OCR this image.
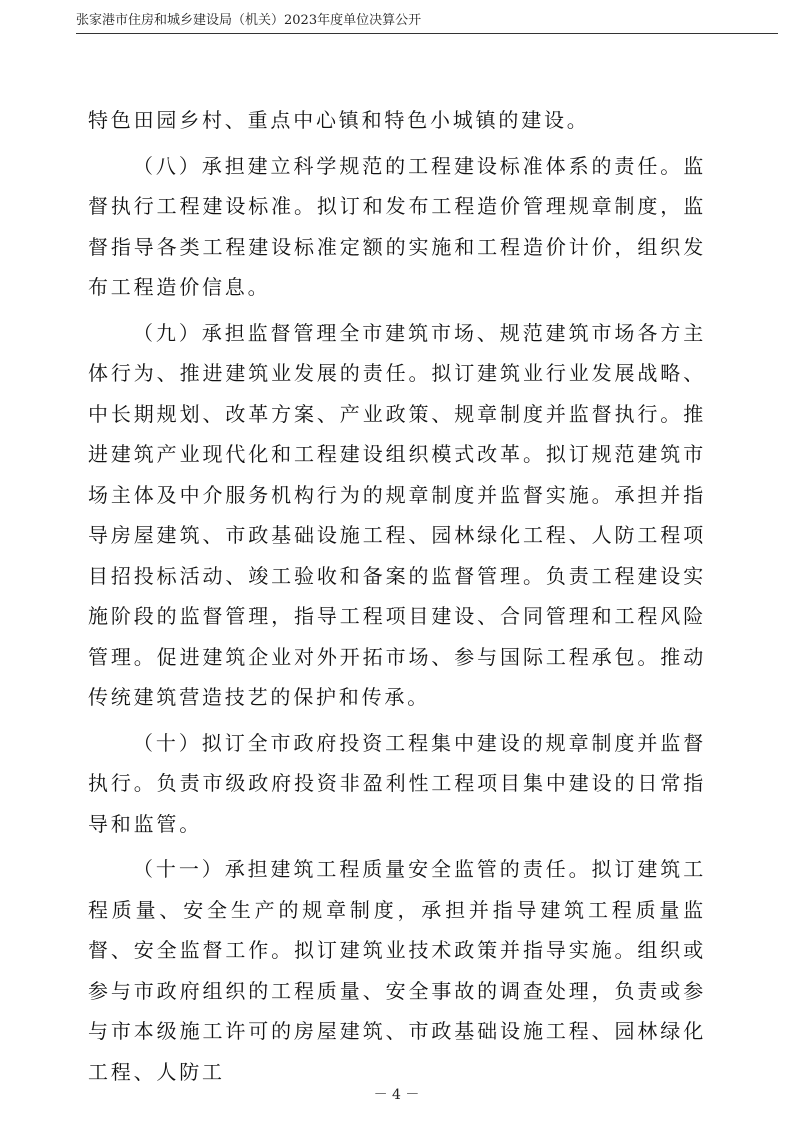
张家港市住房和城乡建设局（机关）2023年度单位决算公开

特色田园乡村、重点中心镇和特色小城镇的建设。

（八）承担建立科学规范的工程建设标准体系的责任。监督执行工程建设标准。拟订和发布工程造价管理规章制度，监督指导各类工程建设标准定额的实施和工程造价计价，组织发布工程造价信息。

（九）承担监督管理全市建筑市场、规范建筑市场各方主体行为、推进建筑业发展的责任。拟订建筑业行业发展战略、中长期规划、改革方案、产业政策、规章制度并监督执行。推进建筑产业现代化和工程建设组织模式改革。拟订规范建筑市场主体及中介服务机构行为的规章制度并监督实施。承担并指导房屋建筑、市政基础设施工程、园林绿化工程、人防工程项目招投标活动、竣工验收和备案的监督管理。负责工程建设实施阶段的监督管理，指导工程项目建设、合同管理和工程风险管理。促进建筑企业对外开拓市场、参与国际工程承包。推动传统建筑营造技艺的保护和传承。

（十）拟订全市政府投资工程集中建设的规章制度并监督执行。负责市级政府投资非盈利性工程项目集中建设的日常指导和监管。

（十一）承担建筑工程质量安全监管的责任。拟订建筑工程质量、安全生产的规章制度，承担并指导建筑工程质量监督、安全监督工作。拟订建筑业技术政策并指导实施。组织或参与市政府组织的工程质量、安全事故的调查处理，负责或参与市本级施工许可的房屋建筑、市政基础设施工程、园林绿化工程、人防工

－ 4 －
